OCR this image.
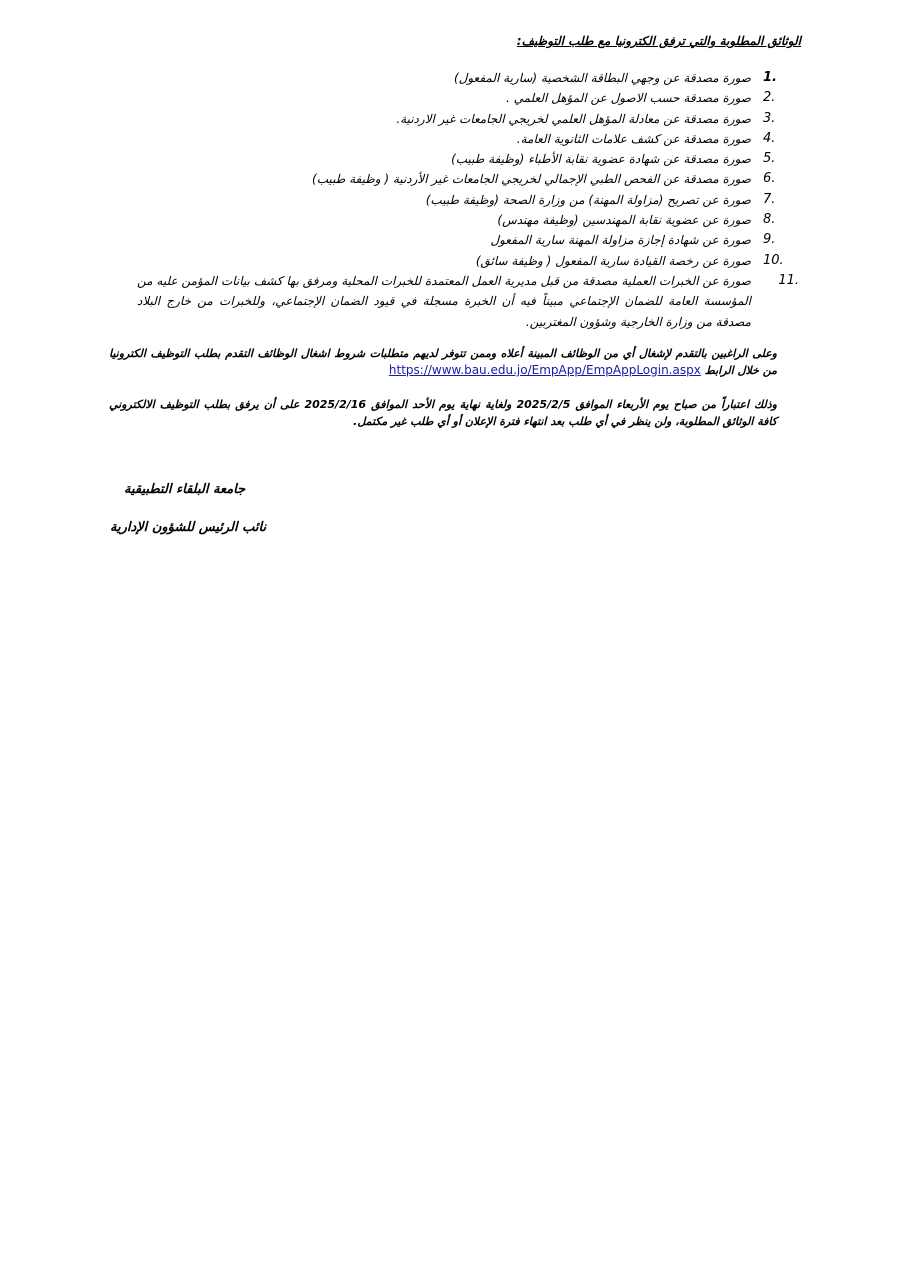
الوثائق المطلوبة والتي ترفق الكترونيا مع طلب التوظيف:
1.
صورة مصدقة عن وجهي البطاقة الشخصية (سارية المفعول)
2.
صورة مصدقة حسب الاصول عن المؤهل العلمي .
3.
صورة مصدقة عن معادلة المؤهل العلمي لخريجي الجامعات غير الاردنية.
4.
صورة مصدقة عن كشف علامات الثانوية العامة.
5.
صورة مصدقة عن شهادة عضوية نقابة الأطباء (وظيفة طبيب)
6.
صورة مصدقة عن الفحص الطبي الإجمالي لخريجي الجامعات غير الأردنية ( وظيفة طبيب)
7.
صورة عن تصريح (مزاولة المهنة) من وزارة الصحة (وظيفة طبيب)
8.
صورة عن عضوية نقابة المهندسين (وظيفة مهندس)
9.
صورة عن شهادة إجازة مزاولة المهنة سارية المفعول
10.
صورة عن رخصة القيادة سارية المفعول ( وظيفة سائق)
11.
صورة عن الخبرات العملية مصدقة من قبل مديرية العمل المعتمدة للخبرات المحلية ومرفق بها كشف بيانات المؤمن عليه من المؤسسة العامة للضمان الإجتماعي مبيناً فيه أن الخبرة مسجلة في قيود الضمان الإجتماعي، وللخبرات من خارج البلاد مصدقة من وزارة الخارجية وشؤون المغتربين.
وعلى الراغبين بالتقدم لإشغال أي من الوظائف المبينة أعلاه وممن تتوفر لديهم متطلبات شروط اشغال الوظائف التقدم بطلب التوظيف الكترونيا من خلال الرابط https://www.bau.edu.jo/EmpApp/EmpAppLogin.aspx
وذلك اعتباراً من صباح يوم الأربعاء الموافق 2025/2/5 ولغاية نهاية يوم الأحد الموافق 2025/2/16 على أن يرفق بطلب التوظيف الالكتروني كافة الوثائق المطلوبة، ولن ينظر في أي طلب بعد انتهاء فترة الإعلان أو أي طلب غير مكتمل.
جامعة البلقاء التطبيقية
نائب الرئيس للشؤون الإدارية
